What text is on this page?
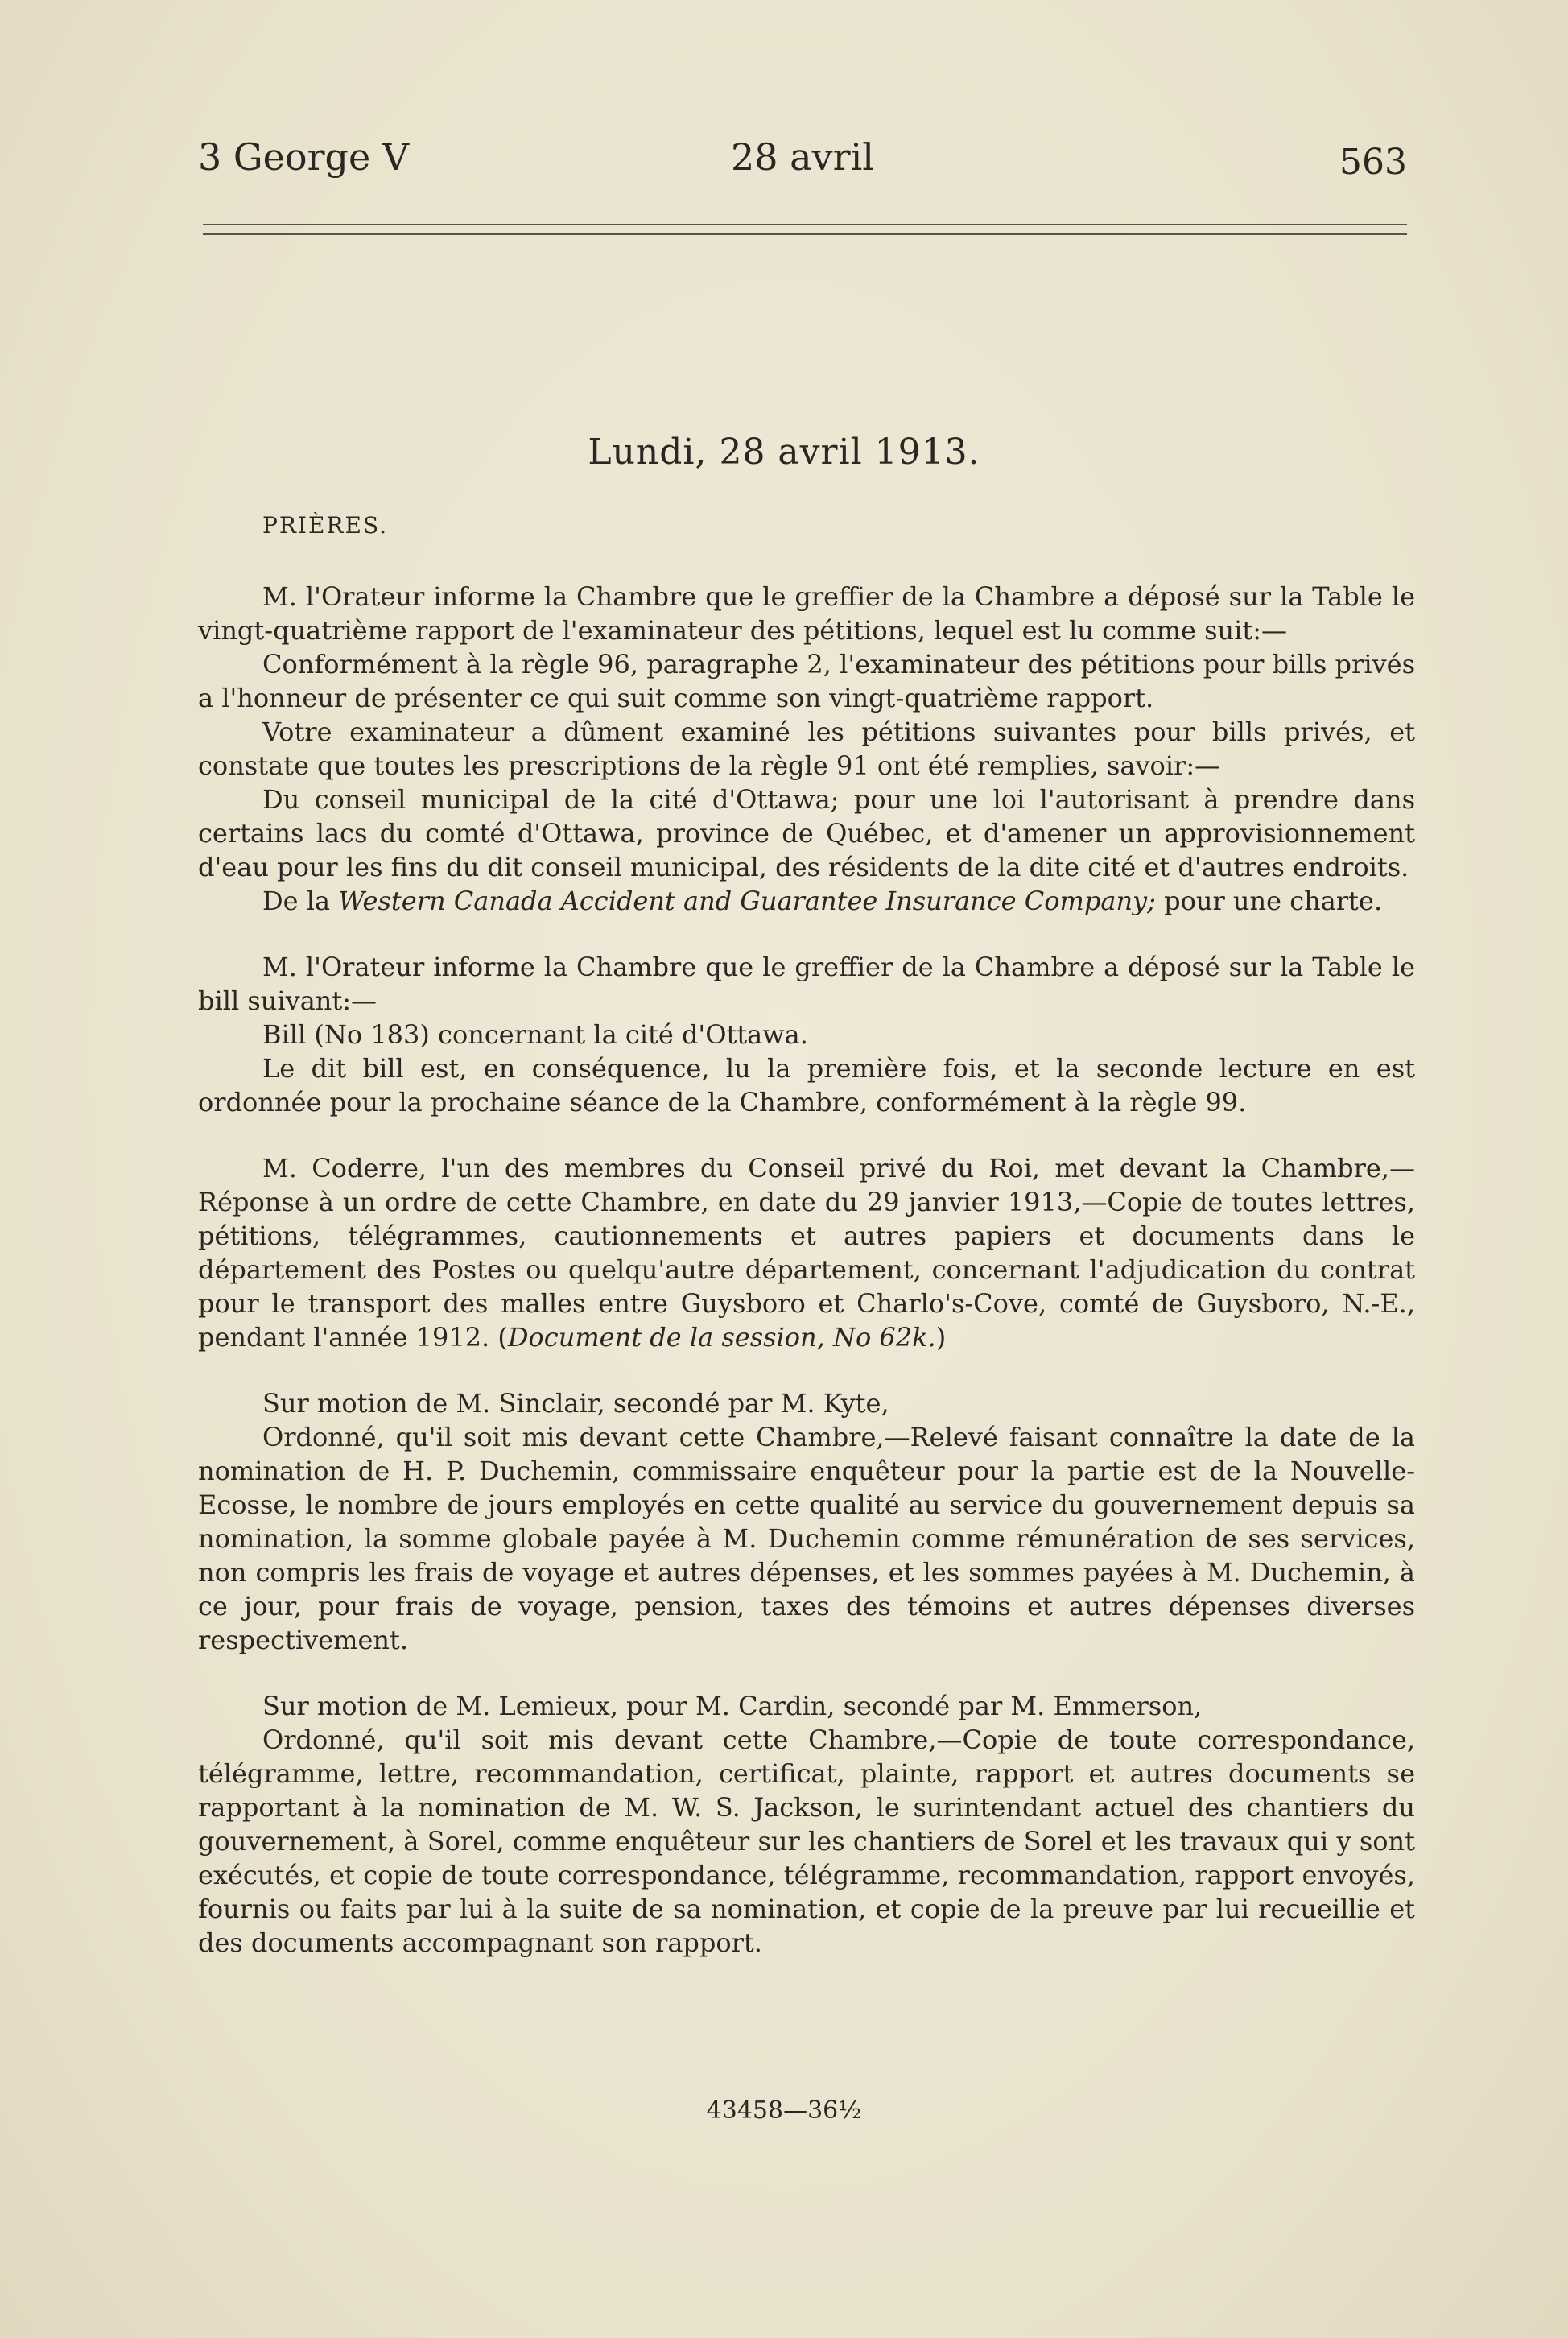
3 George V	28 avril	563
Lundi, 28 avril 1913.
PRIÈRES.

M. l'Orateur informe la Chambre que le greffier de la Chambre a déposé sur la Table le vingt-quatrième rapport de l'examinateur des pétitions, lequel est lu comme suit:—

Conformément à la règle 96, paragraphe 2, l'examinateur des pétitions pour bills privés a l'honneur de présenter ce qui suit comme son vingt-quatrième rapport.

Votre examinateur a dûment examiné les pétitions suivantes pour bills privés, et constate que toutes les prescriptions de la règle 91 ont été remplies, savoir:—

Du conseil municipal de la cité d'Ottawa; pour une loi l'autorisant à prendre dans certains lacs du comté d'Ottawa, province de Québec, et d'amener un approvisionnement d'eau pour les fins du dit conseil municipal, des résidents de la dite cité et d'autres endroits.

De la Western Canada Accident and Guarantee Insurance Company; pour une charte.

M. l'Orateur informe la Chambre que le greffier de la Chambre a déposé sur la Table le bill suivant:—

Bill (No 183) concernant la cité d'Ottawa.

Le dit bill est, en conséquence, lu la première fois, et la seconde lecture en est ordonnée pour la prochaine séance de la Chambre, conformément à la règle 99.

M. Coderre, l'un des membres du Conseil privé du Roi, met devant la Chambre,—Réponse à un ordre de cette Chambre, en date du 29 janvier 1913,—Copie de toutes lettres, pétitions, télégrammes, cautionnements et autres papiers et documents dans le département des Postes ou quelqu'autre département, concernant l'adjudication du contrat pour le transport des malles entre Guysboro et Charlo's-Cove, comté de Guysboro, N.-E., pendant l'année 1912. (Document de la session, No 62k.)

Sur motion de M. Sinclair, secondé par M. Kyte,

Ordonné, qu'il soit mis devant cette Chambre,—Relevé faisant connaître la date de la nomination de H. P. Duchemin, commissaire enquêteur pour la partie est de la Nouvelle-Ecosse, le nombre de jours employés en cette qualité au service du gouvernement depuis sa nomination, la somme globale payée à M. Duchemin comme rémunération de ses services, non compris les frais de voyage et autres dépenses, et les sommes payées à M. Duchemin, à ce jour, pour frais de voyage, pension, taxes des témoins et autres dépenses diverses respectivement.

Sur motion de M. Lemieux, pour M. Cardin, secondé par M. Emmerson,

Ordonné, qu'il soit mis devant cette Chambre,—Copie de toute correspondance, télégramme, lettre, recommandation, certificat, plainte, rapport et autres documents se rapportant à la nomination de M. W. S. Jackson, le surintendant actuel des chantiers du gouvernement, à Sorel, comme enquêteur sur les chantiers de Sorel et les travaux qui y sont exécutés, et copie de toute correspondance, télégramme, recommandation, rapport envoyés, fournis ou faits par lui à la suite de sa nomination, et copie de la preuve par lui recueillie et des documents accompagnant son rapport.

43458—36½
